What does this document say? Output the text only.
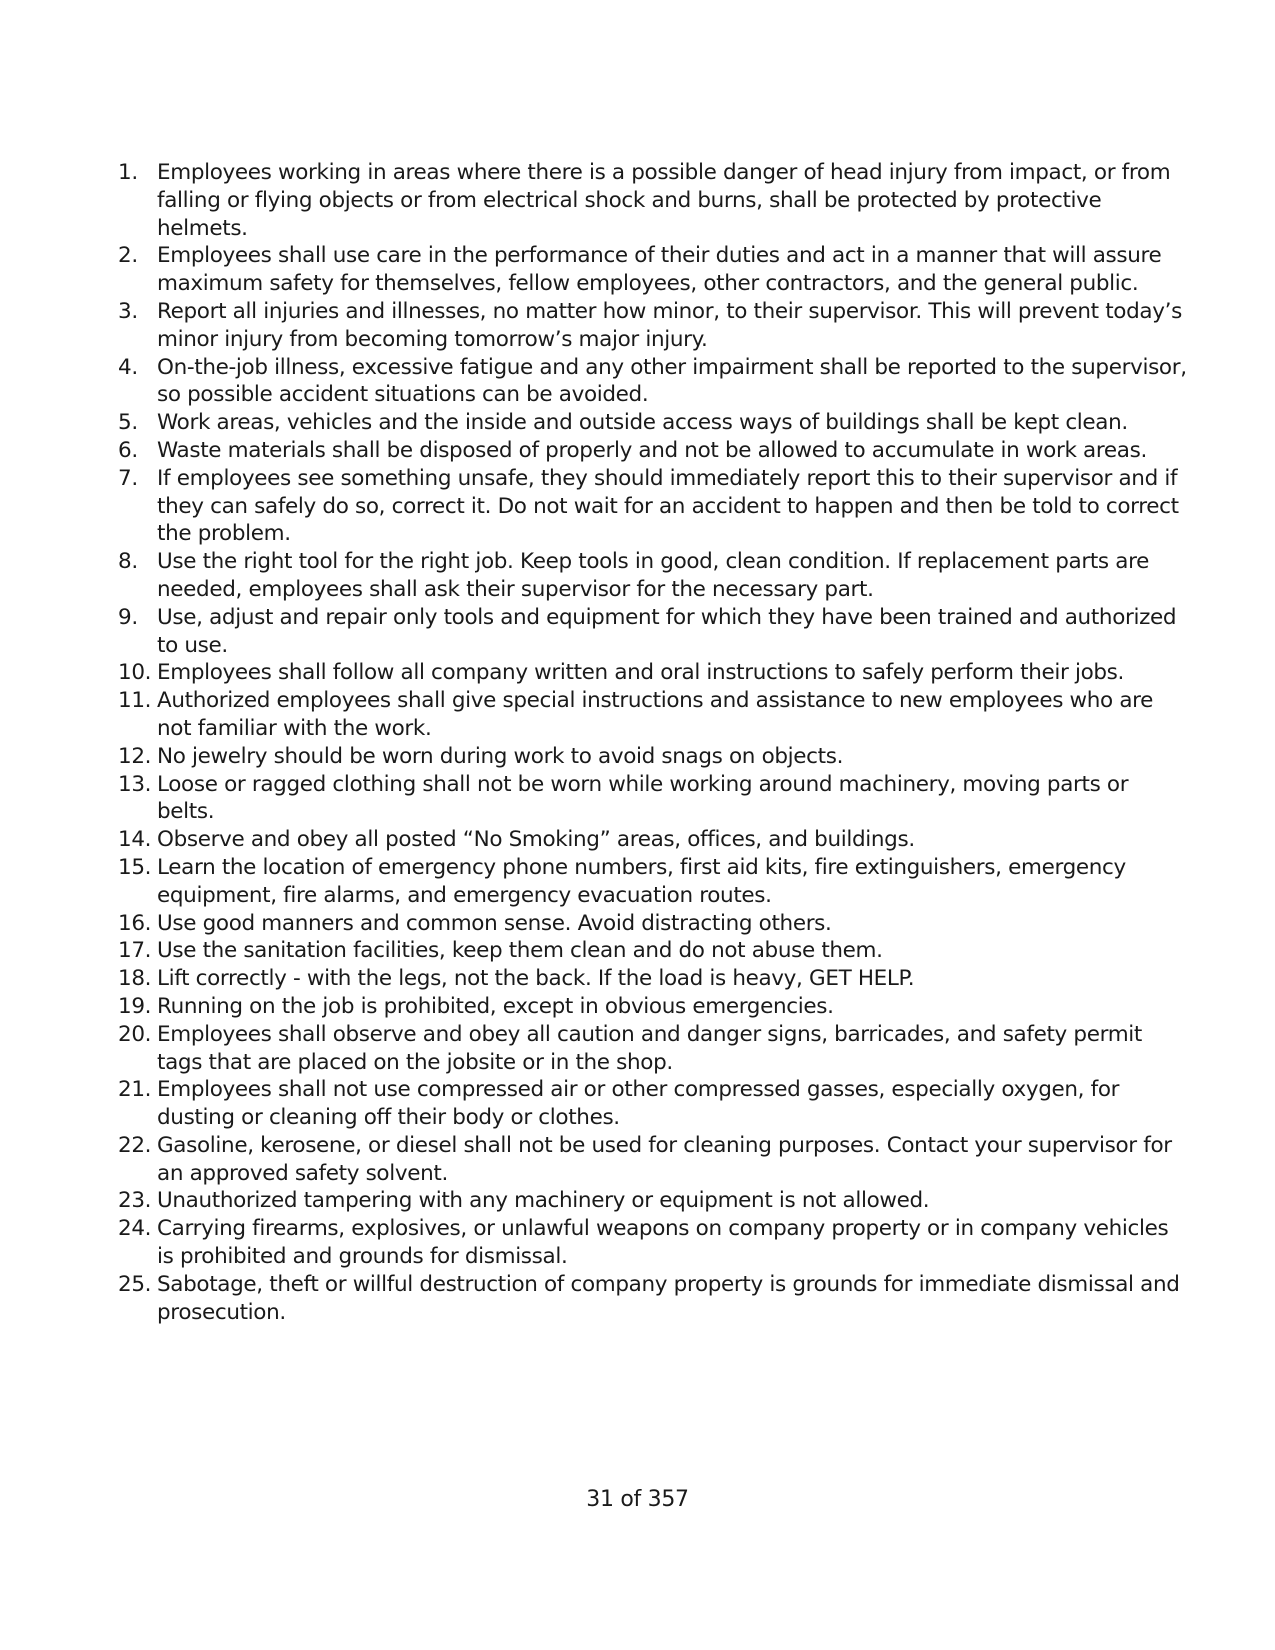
1. Employees working in areas where there is a possible danger of head injury from impact, or from falling or flying objects or from electrical shock and burns, shall be protected by protective helmets.
2. Employees shall use care in the performance of their duties and act in a manner that will assure maximum safety for themselves, fellow employees, other contractors, and the general public.
3. Report all injuries and illnesses, no matter how minor, to their supervisor. This will prevent today’s minor injury from becoming tomorrow’s major injury.
4. On-the-job illness, excessive fatigue and any other impairment shall be reported to the supervisor, so possible accident situations can be avoided.
5. Work areas, vehicles and the inside and outside access ways of buildings shall be kept clean.
6. Waste materials shall be disposed of properly and not be allowed to accumulate in work areas.
7. If employees see something unsafe, they should immediately report this to their supervisor and if they can safely do so, correct it. Do not wait for an accident to happen and then be told to correct the problem.
8. Use the right tool for the right job. Keep tools in good, clean condition. If replacement parts are needed, employees shall ask their supervisor for the necessary part.
9. Use, adjust and repair only tools and equipment for which they have been trained and authorized to use.
10. Employees shall follow all company written and oral instructions to safely perform their jobs.
11. Authorized employees shall give special instructions and assistance to new employees who are not familiar with the work.
12. No jewelry should be worn during work to avoid snags on objects.
13. Loose or ragged clothing shall not be worn while working around machinery, moving parts or belts.
14. Observe and obey all posted “No Smoking” areas, offices, and buildings.
15. Learn the location of emergency phone numbers, first aid kits, fire extinguishers, emergency equipment, fire alarms, and emergency evacuation routes.
16. Use good manners and common sense. Avoid distracting others.
17. Use the sanitation facilities, keep them clean and do not abuse them.
18. Lift correctly - with the legs, not the back. If the load is heavy, GET HELP.
19. Running on the job is prohibited, except in obvious emergencies.
20. Employees shall observe and obey all caution and danger signs, barricades, and safety permit tags that are placed on the jobsite or in the shop.
21. Employees shall not use compressed air or other compressed gasses, especially oxygen, for dusting or cleaning off their body or clothes.
22. Gasoline, kerosene, or diesel shall not be used for cleaning purposes. Contact your supervisor for an approved safety solvent.
23. Unauthorized tampering with any machinery or equipment is not allowed.
24. Carrying firearms, explosives, or unlawful weapons on company property or in company vehicles is prohibited and grounds for dismissal.
25. Sabotage, theft or willful destruction of company property is grounds for immediate dismissal and prosecution.
31 of 357
